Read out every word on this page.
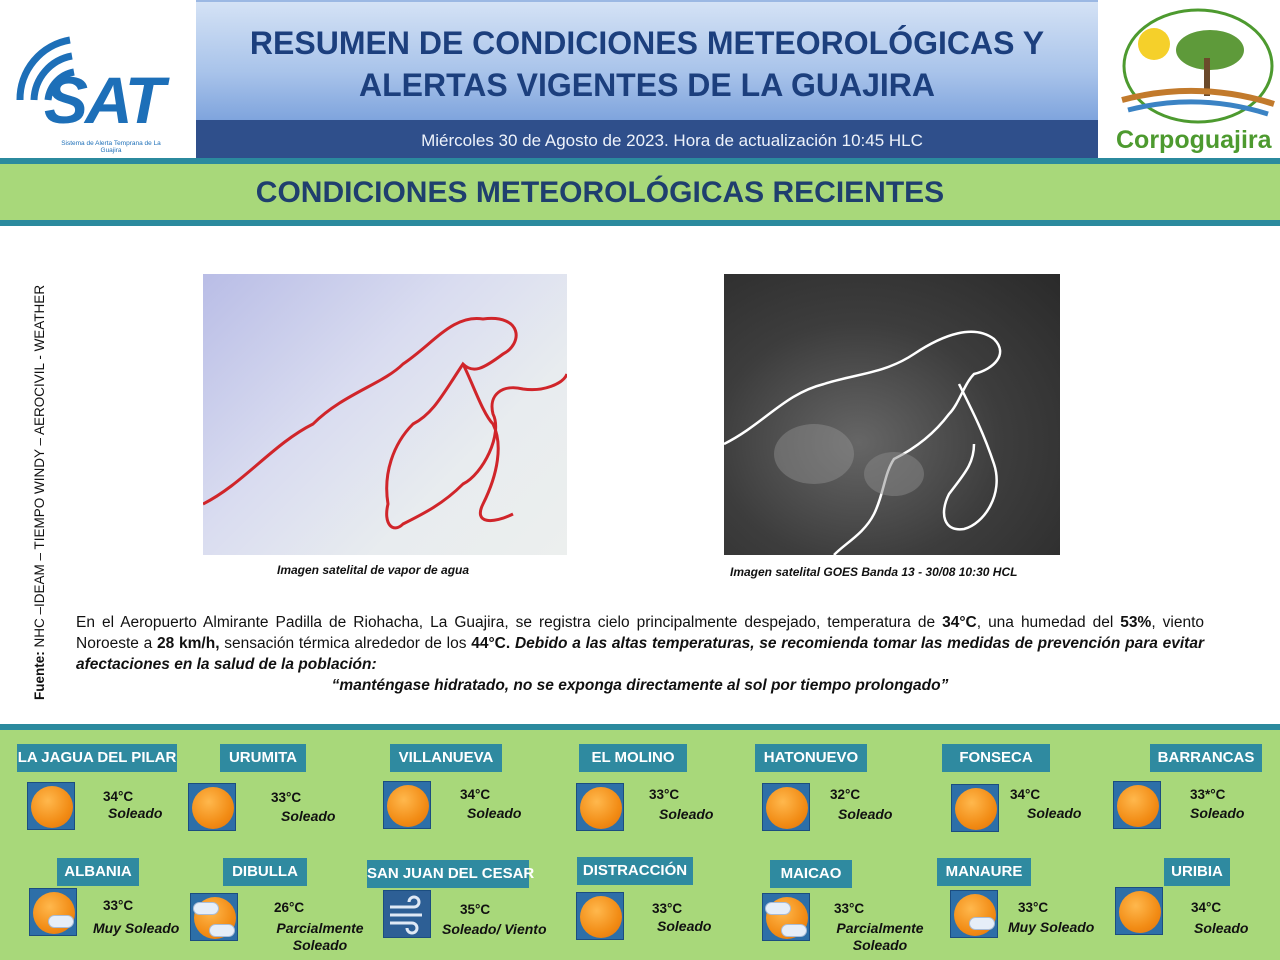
SAT
Sistema de Alerta Temprana de La Guajira
RESUMEN DE CONDICIONES METEOROLÓGICAS Y ALERTAS VIGENTES DE LA GUAJIRA
Miércoles 30 de Agosto de 2023. Hora de actualización 10:45 HLC	Corpoguajira
CONDICIONES METEOROLÓGICAS RECIENTES
Fuente: NHC –IDEAM – TIEMPO WINDY – AEROCIVIL - WEATHER	Imagen satelital de vapor de agua	Imagen satelital GOES Banda 13 - 30/08 10:30 HCL
En el Aeropuerto Almirante Padilla de Riohacha, La Guajira, se registra cielo principalmente despejado, temperatura de 34°C, una humedad del 53%, viento Noroeste a 28 km/h, sensación térmica alrededor de los 44°C. Debido a las altas temperaturas, se recomienda tomar las medidas de prevención para evitar afectaciones en la salud de la población:
“manténgase hidratado, no se exponga directamente al sol por tiempo prolongado”
LA JAGUA DEL PILAR
34°C
Soleado
URUMITA
33°C
Soleado
VILLANUEVA
34°C
Soleado
EL MOLINO
33°C
Soleado
HATONUEVO
32°C
Soleado
FONSECA
34°C
Soleado
BARRANCAS
33*°C
Soleado
ALBANIA
33°C
Muy Soleado
DIBULLA
26°C
Parcialmente Soleado
SAN JUAN DEL CESAR
35°C
Soleado/ Viento
DISTRACCIÓN
33°C
Soleado
MAICAO
33°C
Parcialmente Soleado
MANAURE
33°C
Muy Soleado
URIBIA
34°C
Soleado
